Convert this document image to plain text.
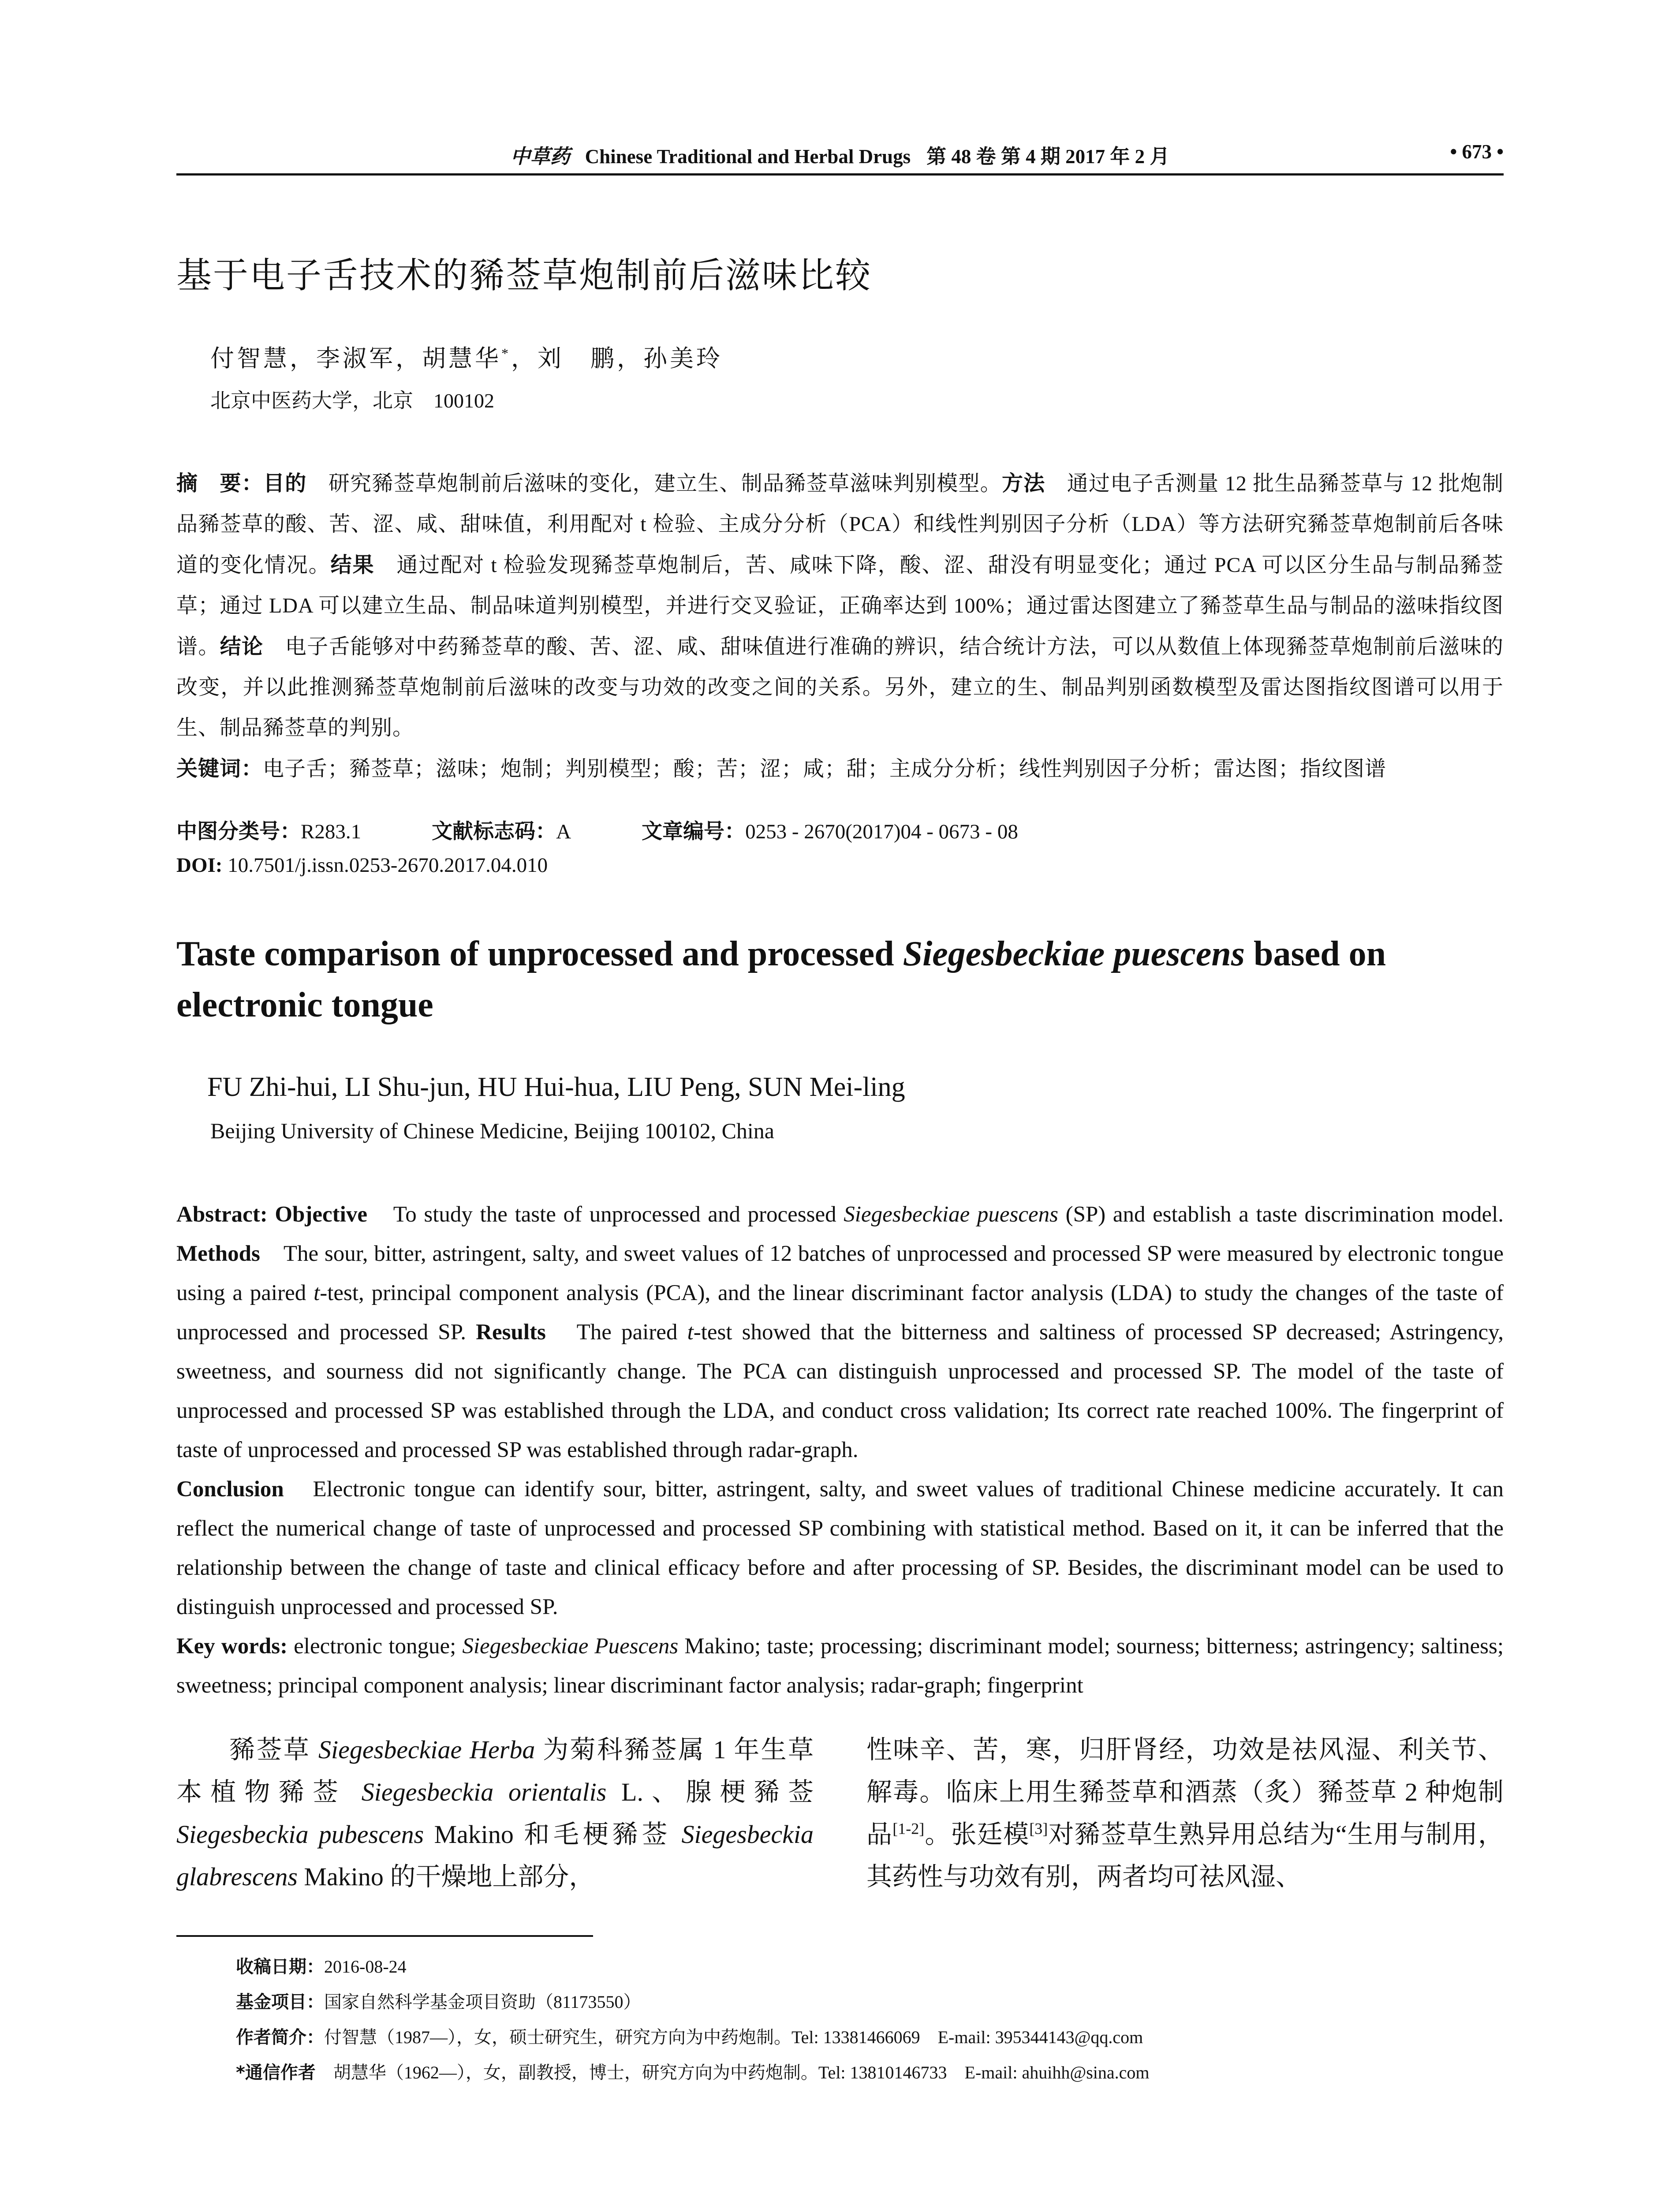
中草药 Chinese Traditional and Herbal Drugs 第 48 卷 第 4 期 2017 年 2 月	• 673 •
基于电子舌技术的豨莶草炮制前后滋味比较
付智慧，李淑军，胡慧华*，刘　鹏，孙美玲
北京中医药大学，北京　100102
摘　要：目的　研究豨莶草炮制前后滋味的变化，建立生、制品豨莶草滋味判别模型。方法　通过电子舌测量 12 批生品豨莶草与 12 批炮制品豨莶草的酸、苦、涩、咸、甜味值，利用配对 t 检验、主成分分析（PCA）和线性判别因子分析（LDA）等方法研究豨莶草炮制前后各味道的变化情况。结果　通过配对 t 检验发现豨莶草炮制后，苦、咸味下降，酸、涩、甜没有明显变化；通过 PCA 可以区分生品与制品豨莶草；通过 LDA 可以建立生品、制品味道判别模型，并进行交叉验证，正确率达到 100%；通过雷达图建立了豨莶草生品与制品的滋味指纹图谱。结论　电子舌能够对中药豨莶草的酸、苦、涩、咸、甜味值进行准确的辨识，结合统计方法，可以从数值上体现豨莶草炮制前后滋味的改变，并以此推测豨莶草炮制前后滋味的改变与功效的改变之间的关系。另外，建立的生、制品判别函数模型及雷达图指纹图谱可以用于生、制品豨莶草的判别。
关键词：电子舌；豨莶草；滋味；炮制；判别模型；酸；苦；涩；咸；甜；主成分分析；线性判别因子分析；雷达图；指纹图谱
中图分类号：R283.1	文献标志码：A	文章编号：0253 - 2670(2017)04 - 0673 - 08
DOI: 10.7501/j.issn.0253-2670.2017.04.010
Taste comparison of unprocessed and processed Siegesbeckiae puescens based on electronic tongue
FU Zhi-hui, LI Shu-jun, HU Hui-hua, LIU Peng, SUN Mei-ling
Beijing University of Chinese Medicine, Beijing 100102, China
Abstract: Objective　To study the taste of unprocessed and processed Siegesbeckiae puescens (SP) and establish a taste discrimination model. Methods　The sour, bitter, astringent, salty, and sweet values of 12 batches of unprocessed and processed SP were measured by electronic tongue using a paired t-test, principal component analysis (PCA), and the linear discriminant factor analysis (LDA) to study the changes of the taste of unprocessed and processed SP. Results　The paired t-test showed that the bitterness and saltiness of processed SP decreased; Astringency, sweetness, and sourness did not significantly change. The PCA can distinguish unprocessed and processed SP. The model of the taste of unprocessed and processed SP was established through the LDA, and conduct cross validation; Its correct rate reached 100%. The fingerprint of taste of unprocessed and processed SP was established through radar-graph.
Conclusion　Electronic tongue can identify sour, bitter, astringent, salty, and sweet values of traditional Chinese medicine accurately. It can reflect the numerical change of taste of unprocessed and processed SP combining with statistical method. Based on it, it can be inferred that the relationship between the change of taste and clinical efficacy before and after processing of SP. Besides, the discriminant model can be used to distinguish unprocessed and processed SP.
Key words: electronic tongue; Siegesbeckiae Puescens Makino; taste; processing; discriminant model; sourness; bitterness; astringency; saltiness; sweetness; principal component analysis; linear discriminant factor analysis; radar-graph; fingerprint
豨莶草 Siegesbeckiae Herba 为菊科豨莶属 1 年生草本植物豨莶 Siegesbeckia orientalis L.、腺梗豨莶 Siegesbeckia pubescens Makino 和毛梗豨莶 Siegesbeckia glabrescens Makino 的干燥地上部分，
性味辛、苦，寒，归肝肾经，功效是祛风湿、利关节、解毒。临床上用生豨莶草和酒蒸（炙）豨莶草 2 种炮制品[1-2]。张廷模[3]对豨莶草生熟异用总结为“生用与制用，其药性与功效有别，两者均可祛风湿、
收稿日期：2016-08-24
基金项目：国家自然科学基金项目资助（81173550）
作者简介：付智慧（1987—），女，硕士研究生，研究方向为中药炮制。Tel: 13381466069　E-mail: 395344143@qq.com
*通信作者　胡慧华（1962—），女，副教授，博士，研究方向为中药炮制。Tel: 13810146733　E-mail: ahuihh@sina.com
